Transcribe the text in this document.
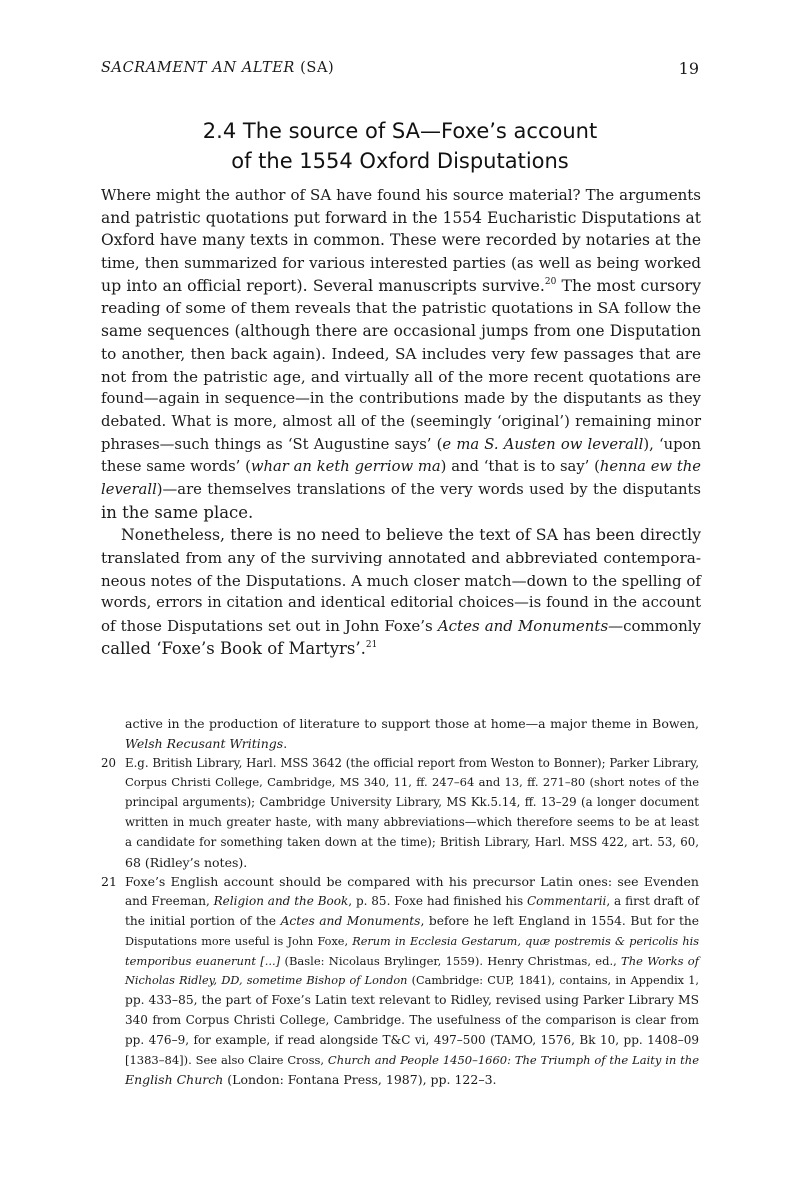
SACRAMENT AN ALTER (SA)	19
2.4 The source of SA—Foxe’s account
of the 1554 Oxford Disputations
Where might the author of SA have found his source material? The arguments
and patristic quotations put forward in the 1554 Eucharistic Disputations at
Oxford have many texts in common. These were recorded by notaries at the
time, then summarized for various interested parties (as well as being worked
up into an official report). Several manuscripts survive.$^{20}$ The most cursory
reading of some of them reveals that the patristic quotations in SA follow the
same sequences (although there are occasional jumps from one Disputation
to another, then back again). Indeed, SA includes very few passages that are
not from the patristic age, and virtually all of the more recent quotations are
found—again in sequence—in the contributions made by the disputants as they
debated. What is more, almost all of the (seemingly ‘original’) remaining minor
phrases—such things as ‘St Augustine says’ (e ma S. Austen ow leverall), ‘upon
these same words’ (whar an keth gerriow ma) and ‘that is to say’ (henna ew the
leverall)—are themselves translations of the very words used by the disputants
in the same place.
Nonetheless, there is no need to believe the text of SA has been directly
translated from any of the surviving annotated and abbreviated contempora-
neous notes of the Disputations. A much closer match—down to the spelling of
words, errors in citation and identical editorial choices—is found in the account
of those Disputations set out in John Foxe’s Actes and Monuments—commonly
called ‘Foxe’s Book of Martyrs’.$^{21}$
active in the production of literature to support those at home—a major theme in Bowen,
Welsh Recusant Writings.
20 E.g. British Library, Harl. MSS 3642 (the official report from Weston to Bonner); Parker Library,
Corpus Christi College, Cambridge, MS 340, 11, ff. 247–64 and 13, ff. 271–80 (short notes of the
principal arguments); Cambridge University Library, MS Kk.5.14, ff. 13–29 (a longer document
written in much greater haste, with many abbreviations—which therefore seems to be at least
a candidate for something taken down at the time); British Library, Harl. MSS 422, art. 53, 60,
68 (Ridley’s notes).
21 Foxe’s English account should be compared with his precursor Latin ones: see Evenden
and Freeman, Religion and the Book, p. 85. Foxe had finished his Commentarii, a first draft of
the initial portion of the Actes and Monuments, before he left England in 1554. But for the
Disputations more useful is John Foxe, Rerum in Ecclesia Gestarum, quæ postremis & pericolis his
temporibus euanerunt [...] (Basle: Nicolaus Brylinger, 1559). Henry Christmas, ed., The Works of
Nicholas Ridley, DD, sometime Bishop of London (Cambridge: CUP, 1841), contains, in Appendix 1,
pp. 433–85, the part of Foxe’s Latin text relevant to Ridley, revised using Parker Library MS
340 from Corpus Christi College, Cambridge. The usefulness of the comparison is clear from
pp. 476–9, for example, if read alongside T&C vi, 497–500 (TAMO, 1576, Bk 10, pp. 1408–09
[1383–84]). See also Claire Cross, Church and People 1450–1660: The Triumph of the Laity in the
English Church (London: Fontana Press, 1987), pp. 122–3.
